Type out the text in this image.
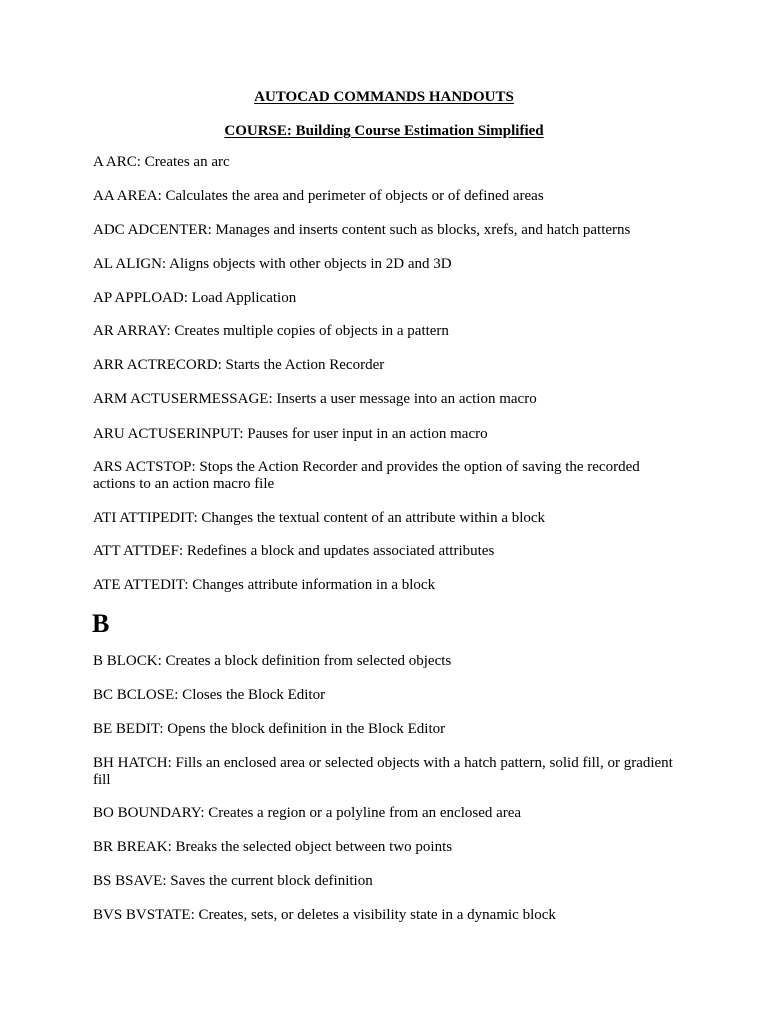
AUTOCAD COMMANDS HANDOUTS

COURSE: Building Course Estimation Simplified

A ARC: Creates an arc

AA AREA: Calculates the area and perimeter of objects or of defined areas

ADC ADCENTER: Manages and inserts content such as blocks, xrefs, and hatch patterns

AL ALIGN: Aligns objects with other objects in 2D and 3D

AP APPLOAD: Load Application

AR ARRAY: Creates multiple copies of objects in a pattern

ARR ACTRECORD: Starts the Action Recorder

ARM ACTUSERMESSAGE: Inserts a user message into an action macro

ARU ACTUSERINPUT: Pauses for user input in an action macro

ARS ACTSTOP: Stops the Action Recorder and provides the option of saving the recorded actions to an action macro file

ATI ATTIPEDIT: Changes the textual content of an attribute within a block

ATT ATTDEF: Redefines a block and updates associated attributes

ATE ATTEDIT: Changes attribute information in a block

B

B BLOCK: Creates a block definition from selected objects

BC BCLOSE: Closes the Block Editor

BE BEDIT: Opens the block definition in the Block Editor

BH HATCH: Fills an enclosed area or selected objects with a hatch pattern, solid fill, or gradient fill

BO BOUNDARY: Creates a region or a polyline from an enclosed area

BR BREAK: Breaks the selected object between two points

BS BSAVE: Saves the current block definition

BVS BVSTATE: Creates, sets, or deletes a visibility state in a dynamic block
